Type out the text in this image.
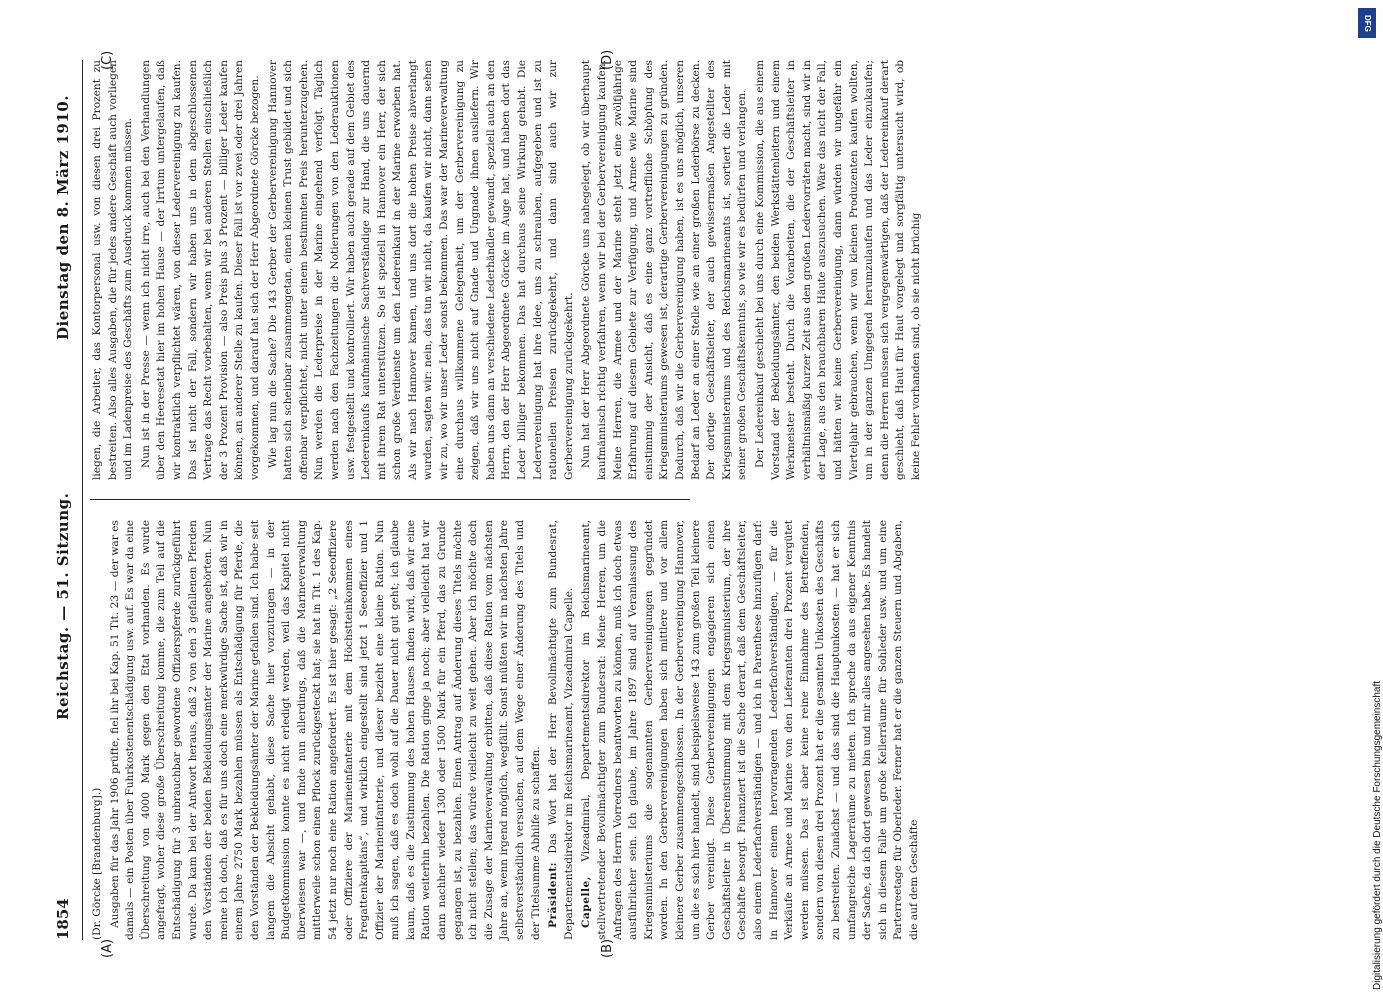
1854
Reichstag. — 51. Sitzung.
Dienstag den 8. März 1910.
(A)	(B)
(C)	(D)

(Dr. Görcke [Brandenburg].) Ausgaben für das Jahr 1906 prüfte, fiel ihr bei Kap. 51 Tit. 23 — der war es damals — ein Posten über Fuhrkostenentschädigung usw. auf. Es war da eine Überschreitung von 4000 Mark gegen den Etat vorhanden. Es wurde angefragt, woher diese große Überschreitung komme, die zum Teil auf die Entschädigung für 3 unbrauchbar gewordene Offizierspferde zurückgeführt wurde. Da kam bei der Antwort heraus, daß 2 von den 3 gefallenen Pferden den Vorständen der beiden Bekleidungsämter der Marine angehörten. Nun meine ich doch, daß es für uns doch eine merkwürdige Sache ist, daß wir in einem Jahre 2750 Mark bezahlen müssen als Entschädigung für Pferde, die den Vorständen der Bekleidungsämter der Marine gefallen sind. Ich habe seit langem die Absicht gehabt, diese Sache hier vorzutragen — in der Budgetkommission konnte es nicht erledigt werden, weil das Kapitel nicht überwiesen war —, und finde nun allerdings, daß die Marineverwaltung mittlerweile schon einen Pflock zurückgesteckt hat; sie hat in Tit. 1 des Kap. 54 jetzt nur noch eine Ration angefordert. Es ist hier gesagt: „2 Seeoffiziere oder Offiziere der Marineinfanterie mit dem Höchstteinkommen eines Fregattenkapitäns“, und wirklich eingestellt sind jetzt 1 Seeoffizier und 1 Offizier der Marineinfanterie, und dieser bezieht eine kleine Ration. Nun muß ich sagen, daß es doch wohl auf die Dauer nicht gut geht; ich glaube kaum, daß es die Zustimmung des hohen Hauses finden wird, daß wir eine Ration weiterhin bezahlen. Die Ration ginge ja noch; aber vielleicht hat wir dann nachher wieder 1300 oder 1500 Mark für ein Pferd, das zu Grunde gegangen ist, zu bezahlen. Einen Antrag auf Änderung dieses Titels möchte ich nicht stellen; das würde vielleicht zu weit gehen. Aber ich möchte doch die Zusage der Marineverwaltung erbitten, daß diese Ration vom nächsten Jahre an, wenn irgend möglich, wegfällt. Sonst müßten wir im nächsten Jahre selbstverständlich versuchen, auf dem Wege einer Änderung des Titels und der Titelsumme Abhilfe zu schaffen. Präsident: Das Wort hat der Herr Bevollmächtigte zum Bundesrat, Departementsdirektor im Reichsmarineamt, Vizeadmiral Capelle. Capelle, Vizeadmiral, Departementsdirektor im Reichsmarineamt, stellvertretender Bevollmächtigter zum Bundesrat: Meine Herren, um die Anfragen des Herrn Vorredners beantworten zu können, muß ich doch etwas ausführlicher sein. Ich glaube, im Jahre 1897 sind auf Veranlassung des Kriegsministeriums die sogenannten Gerbervereinigungen gegründet worden. In den Gerbervereinigungen haben sich mittlere und vor allem kleinere Gerber zusammengeschlossen. In der Gerbervereinigung Hannover, um die es sich hier handelt, sind beispielsweise 143 zum großen Teil kleinere Gerber vereinigt. Diese Gerbervereinigungen engagieren sich einen Geschäftsleiter in Übereinstimmung mit dem Kriegsministerium, der ihre Geschäfte besorgt. Finanziert ist die Sache derart, daß dem Geschäftsleiter, also einem Lederfachverständigen — und ich in Parenthese hinzufügen darf: in Hannover einem hervorragenden Lederfachverständigen, — für die Verkäufe an Armee und Marine von den Lieferanten drei Prozent vergütet werden müssen. Das ist aber keine reine Einnahme des Betreffenden, sondern von diesen drei Prozent hat er die gesamten Unkosten des Geschäfts zu bestreiten. Zunächst — und das sind die Hauptunkosten — hat er sich umfangreiche Lagerräume zu mieten. Ich spreche da aus eigener Kenntnis der Sache, da ich dort gewesen bin und mir alles angesehen habe. Es handelt sich in diesem Falle um große Kellerräume für Sohleder usw. und um eine Parterreetage für Oberleder. Ferner hat er die ganzen Steuern und Abgaben, die auf dem Geschäfte

liegen, die Arbeiter, das Kontorpersonal usw. von diesen drei Prozent zu bestreiten. Also alles Ausgaben, die für jedes andere Geschäft auch vorliegen und im Ladenpreise des Geschäfts zum Ausdruck kommen müssen. Nun ist in der Presse — wenn ich nicht irre, auch bei den Verhandlungen über den Heeresetat hier im hohen Hause — der Irrtum untergelaufen, daß wir kontraktlich verpflichtet wären, von dieser Ledervereinigung zu kaufen. Das ist nicht der Fall, sondern wir haben uns in dem abgeschlossenen Vertrage das Recht vorbehalten, wenn wir bei anderen Stellen einschließlich der 3 Prozent Provision — also Preis plus 3 Prozent — billiger Leder kaufen können, an anderer Stelle zu kaufen. Dieser Fall ist vor zwei oder drei Jahren vorgekommen, und darauf hat sich der Herr Abgeordnete Görcke bezogen. Wie lag nun die Sache? Die 143 Gerber der Gerbervereinigung Hannover hatten sich scheinbar zusammengetan, einen kleinen Trust gebildet und sich offenbar verpflichtet, nicht unter einem bestimmten Preis herunterzugehen. Nun werden die Lederpreise in der Marine eingehend verfolgt. Täglich werden nach den Fachzeitungen die Notierungen von den Lederauktionen usw. festgestellt und kontrolliert. Wir haben auch gerade auf dem Gebiet des Ledereinkaufs kaufmännische Sachverständige zur Hand, die uns dauernd mit ihrem Rat unterstützen. So ist speziell in Hannover ein Herr, der sich schon große Verdienste um den Ledereinkauf in der Marine erworben hat. Als wir nach Hannover kamen, und uns dort die hohen Preise abverlangt wurden, sagten wir: nein, das tun wir nicht, da kaufen wir nicht, dann sehen wir zu, wo wir unser Leder sonst bekommen. Das war der Marineverwaltung eine durchaus willkommene Gelegenheit, um der Gerbervereinigung zu zeigen, daß wir uns nicht auf Gnade und Ungnade ihnen ausliefern. Wir haben uns dann an verschiedene Lederhändler gewandt, speziell auch an den Herrn, den der Herr Abgeordnete Görcke im Auge hat, und haben dort das Leder billiger bekommen. Das hat durchaus seine Wirkung gehabt. Die Ledervereinigung hat ihre Idee, uns zu schrauben, aufgegeben und ist zu rationellen Preisen zurückgekehrt, und dann sind auch wir zur Gerbervereinigung zurückgekehrt. Nun hat der Herr Abgeordnete Görcke uns nahegelegt, ob wir überhaupt kaufmännisch richtig verfahren, wenn wir bei der Gerbervereinigung kaufen. Meine Herren, die Armee und der Marine steht jetzt eine zwölfjährige Erfahrung auf diesem Gebiete zur Verfügung, und Armee wie Marine sind einstimmig der Ansicht, daß es eine ganz vortreffliche Schöpfung des Kriegsministeriums gewesen ist, derartige Gerbervereinigungen zu gründen. Dadurch, daß wir die Gerbervereinigung haben, ist es uns möglich, unseren Bedarf an Leder an einer Stelle wie an einer großen Lederbörse zu decken. Der dortige Geschäftsleiter, der auch gewissermaßen Angestellter des Kriegsministeriums und des Reichsmarineamts ist, sortiert die Leder mit seiner großen Geschäftskenntnis, so wie wir es bedürfen und verlangen. Der Ledereinkauf geschieht bei uns durch eine Kommission, die aus einem Vorstand der Bekleidungsämter, den beiden Werkstättenleitern und einem Werkmeister besteht. Durch die Vorarbeiten, die der Geschäftsleiter in verhältnismäßig kurzer Zeit aus den großen Ledervorräten macht, sind wir in der Lage, aus den brauchbaren Häute auszusuchen. Wäre das nicht der Fall, und hätten wir keine Gerbervereinigung, dann würden wir ungefähr ein Vierteljahr gebrauchen, wenn wir von kleinen Produzenten kaufen wollten, um in der ganzen Umgegend herumzulaufen und das Leder einzukaufen; denn die Herren müssen sich vergegenwärtigen, daß der Ledereinkauf derart geschieht, daß Haut für Haut vorgelegt und sorgfältig untersucht wird, ob keine Fehler vorhanden sind, ob sie nicht brüchig

DFG
Digitalisierung gefördert durch die Deutsche Forschungsgemeinschaft
